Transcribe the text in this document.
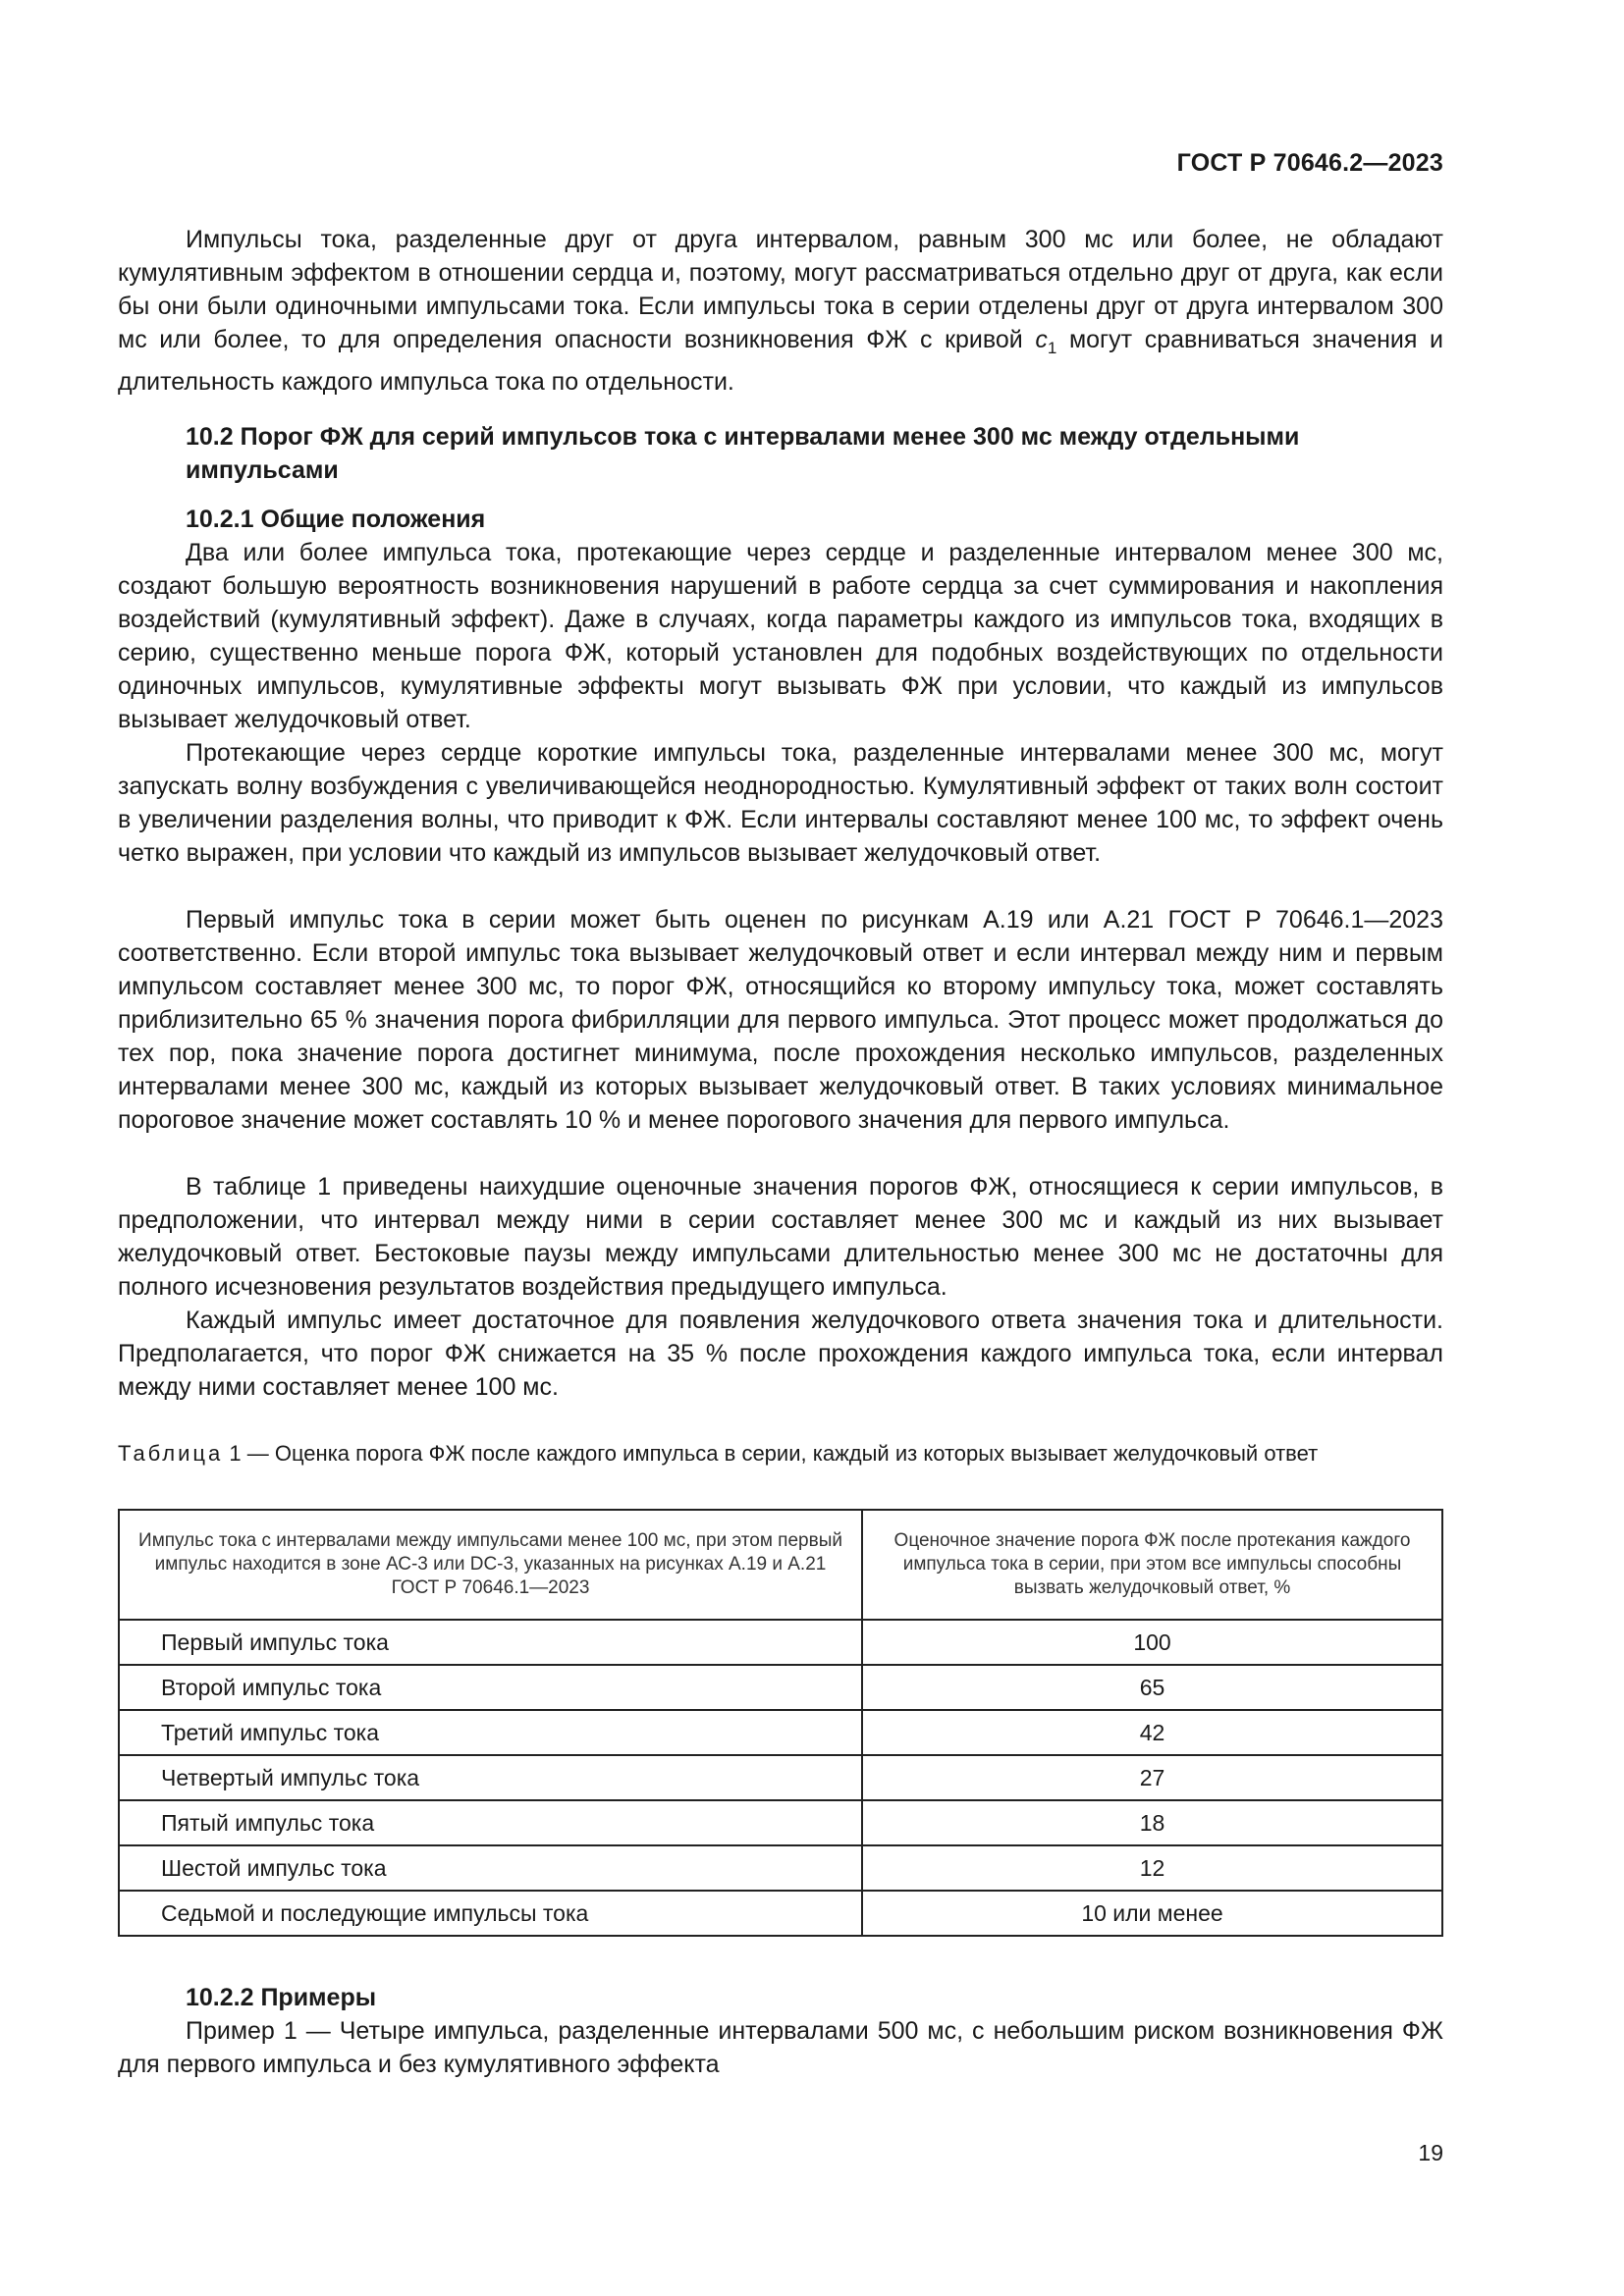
ГОСТ Р 70646.2—2023

Импульсы тока, разделенные друг от друга интервалом, равным 300 мс или более, не обладают кумулятивным эффектом в отношении сердца и, поэтому, могут рассматриваться отдельно друг от друга, как если бы они были одиночными импульсами тока. Если импульсы тока в серии отделены друг от друга интервалом 300 мс или более, то для определения опасности возникновения ФЖ с кривой $c_1$ могут сравниваться значения и длительность каждого импульса тока по отдельности.

10.2 Порог ФЖ для серий импульсов тока с интервалами менее 300 мс между отдельными импульсами

10.2.1 Общие положения

Два или более импульса тока, протекающие через сердце и разделенные интервалом менее 300 мс, создают большую вероятность возникновения нарушений в работе сердца за счет суммирования и накопления воздействий (кумулятивный эффект). Даже в случаях, когда параметры каждого из импульсов тока, входящих в серию, существенно меньше порога ФЖ, который установлен для подобных воздействующих по отдельности одиночных импульсов, кумулятивные эффекты могут вызывать ФЖ при условии, что каждый из импульсов вызывает желудочковый ответ.

Протекающие через сердце короткие импульсы тока, разделенные интервалами менее 300 мс, могут запускать волну возбуждения с увеличивающейся неоднородностью. Кумулятивный эффект от таких волн состоит в увеличении разделения волны, что приводит к ФЖ. Если интервалы составляют менее 100 мс, то эффект очень четко выражен, при условии что каждый из импульсов вызывает желудочковый ответ.

Первый импульс тока в серии может быть оценен по рисункам А.19 или А.21 ГОСТ Р 70646.1—2023 соответственно. Если второй импульс тока вызывает желудочковый ответ и если интервал между ним и первым импульсом составляет менее 300 мс, то порог ФЖ, относящийся ко второму импульсу тока, может составлять приблизительно 65 % значения порога фибрилляции для первого импульса. Этот процесс может продолжаться до тех пор, пока значение порога достигнет минимума, после прохождения несколько импульсов, разделенных интервалами менее 300 мс, каждый из которых вызывает желудочковый ответ. В таких условиях минимальное пороговое значение может составлять 10 % и менее порогового значения для первого импульса.

В таблице 1 приведены наихудшие оценочные значения порогов ФЖ, относящиеся к серии импульсов, в предположении, что интервал между ними в серии составляет менее 300 мс и каждый из них вызывает желудочковый ответ. Бестоковые паузы между импульсами длительностью менее 300 мс не достаточны для полного исчезновения результатов воздействия предыдущего импульса.

Каждый импульс имеет достаточное для появления желудочкового ответа значения тока и длительности. Предполагается, что порог ФЖ снижается на 35 % после прохождения каждого импульса тока, если интервал между ними составляет менее 100 мс.

Таблица 1 — Оценка порога ФЖ после каждого импульса в серии, каждый из которых вызывает желудочковый ответ

Импульс тока с интервалами между импульсами менее 100 мс, при этом первый импульс находится в зоне АС-3 или DC-3, указанных на рисунках А.19 и А.21 ГОСТ Р 70646.1—2023	Оценочное значение порога ФЖ после протекания каждого импульса тока в серии, при этом все импульсы способны вызвать желудочковый ответ, %
Первый импульс тока	100
Второй импульс тока	65
Третий импульс тока	42
Четвертый импульс тока	27
Пятый импульс тока	18
Шестой импульс тока	12
Седьмой и последующие импульсы тока	10 или менее

10.2.2 Примеры

Пример 1 — Четыре импульса, разделенные интервалами 500 мс, с небольшим риском возникновения ФЖ для первого импульса и без кумулятивного эффекта

19
